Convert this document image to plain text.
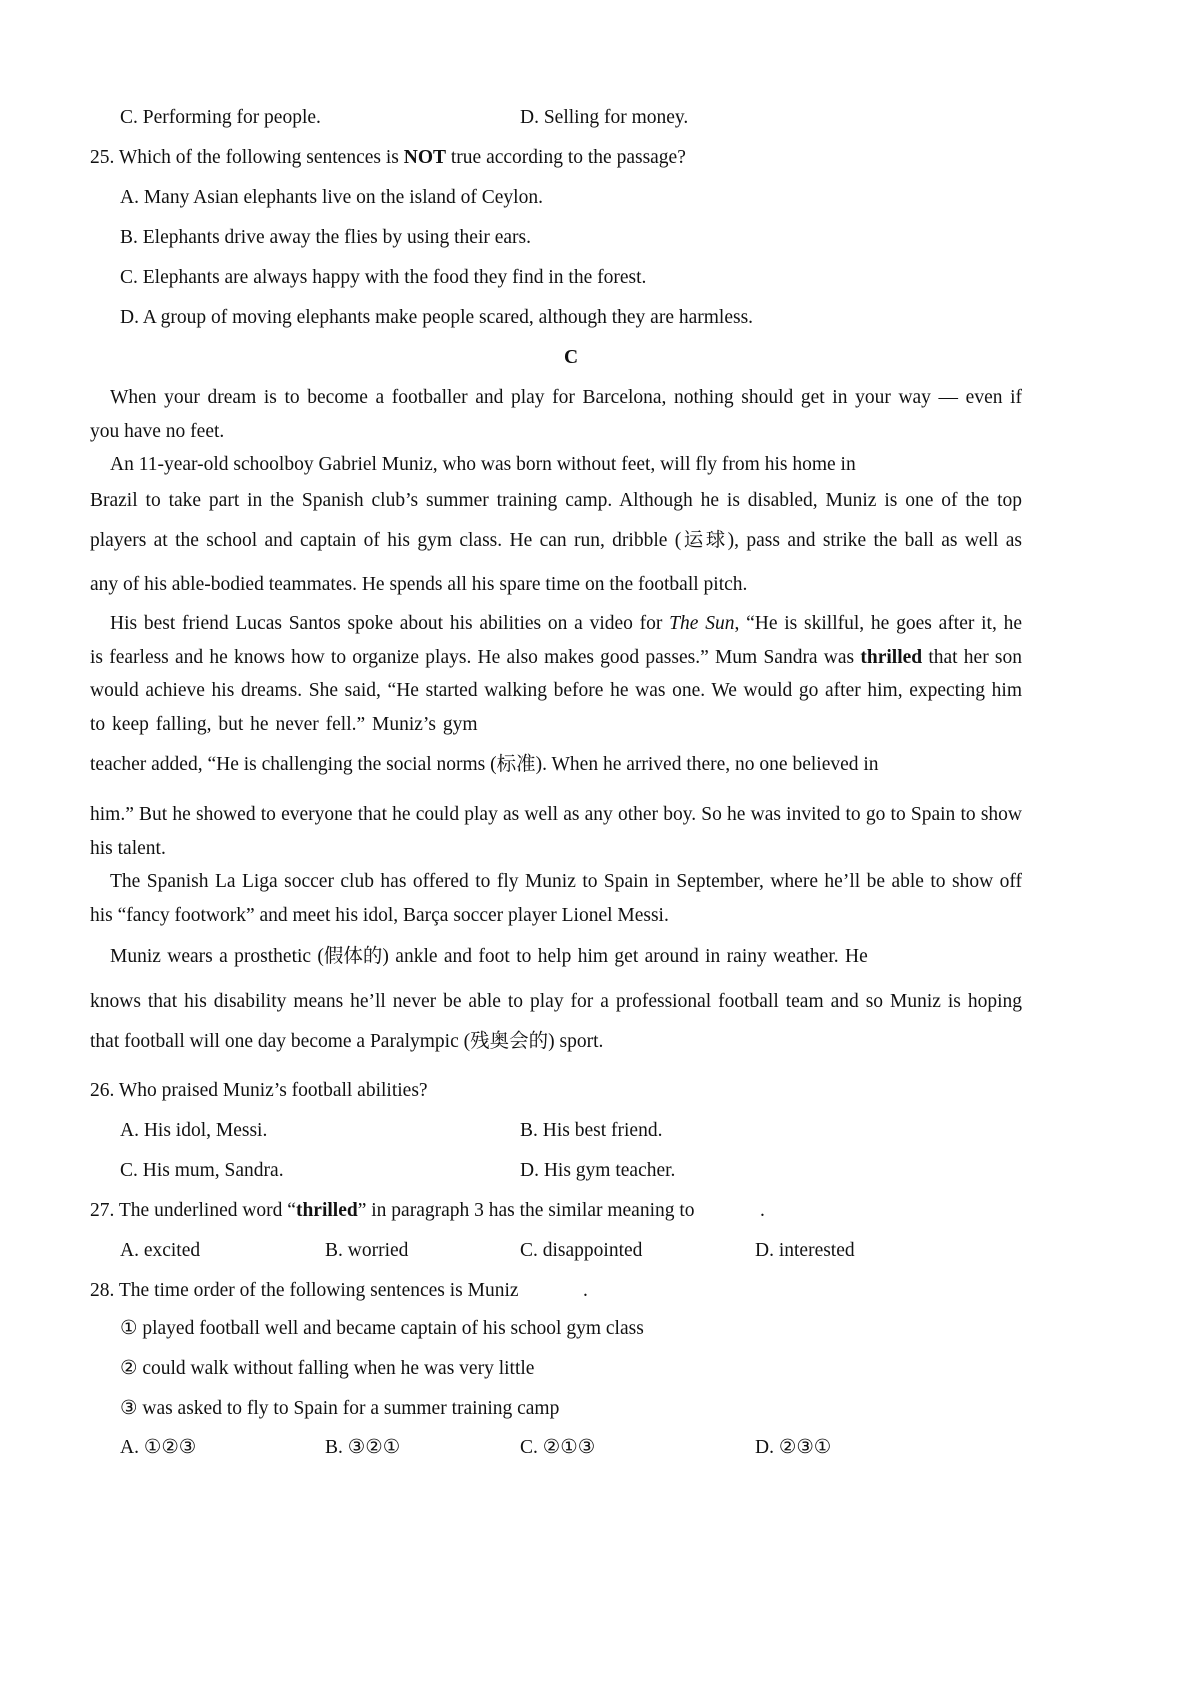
C. Performing for people.	D. Selling for money.
25. Which of the following sentences is NOT true according to the passage?
A. Many Asian elephants live on the island of Ceylon.
B. Elephants drive away the flies by using their ears.
C. Elephants are always happy with the food they find in the forest.
D. A group of moving elephants make people scared, although they are harmless.
C
When your dream is to become a footballer and play for Barcelona, nothing should get in your way — even if
you have no feet.
An 11-year-old schoolboy Gabriel Muniz, who was born without feet, will fly from his home in
Brazil to take part in the Spanish club’s summer training camp. Although he is disabled, Muniz is one of the top
players at the school and captain of his gym class. He can run, dribble (运球), pass and strike the ball as well as
any of his able-bodied teammates. He spends all his spare time on the football pitch.
His best friend Lucas Santos spoke about his abilities on a video for The Sun, “He is skillful, he goes after it, he
is fearless and he knows how to organize plays. He also makes good passes.” Mum Sandra was thrilled that her son
would achieve his dreams. She said, “He started walking before he was one. We would go after him, expecting him
to keep falling, but he never fell.” Muniz’s gym
teacher added, “He is challenging the social norms (标准). When he arrived there, no one believed in
him.” But he showed to everyone that he could play as well as any other boy. So he was invited to go to Spain to show
his talent.
The Spanish La Liga soccer club has offered to fly Muniz to Spain in September, where he’ll be able to show off
his “fancy footwork” and meet his idol, Barça soccer player Lionel Messi.
Muniz wears a prosthetic (假体的) ankle and foot to help him get around in rainy weather. He
knows that his disability means he’ll never be able to play for a professional football team and so Muniz is hoping
that football will one day become a Paralympic (残奥会的) sport.
26. Who praised Muniz’s football abilities?
A. His idol, Messi.	B. His best friend.
C. His mum, Sandra.	D. His gym teacher.
27. The underlined word “thrilled” in paragraph 3 has the similar meaning to	.
A. excited	B. worried	C. disappointed	D. interested
28. The time order of the following sentences is Muniz	.
① played football well and became captain of his school gym class
② could walk without falling when he was very little
③ was asked to fly to Spain for a summer training camp
A. ①②③	B. ③②①	C. ②①③	D. ②③①
